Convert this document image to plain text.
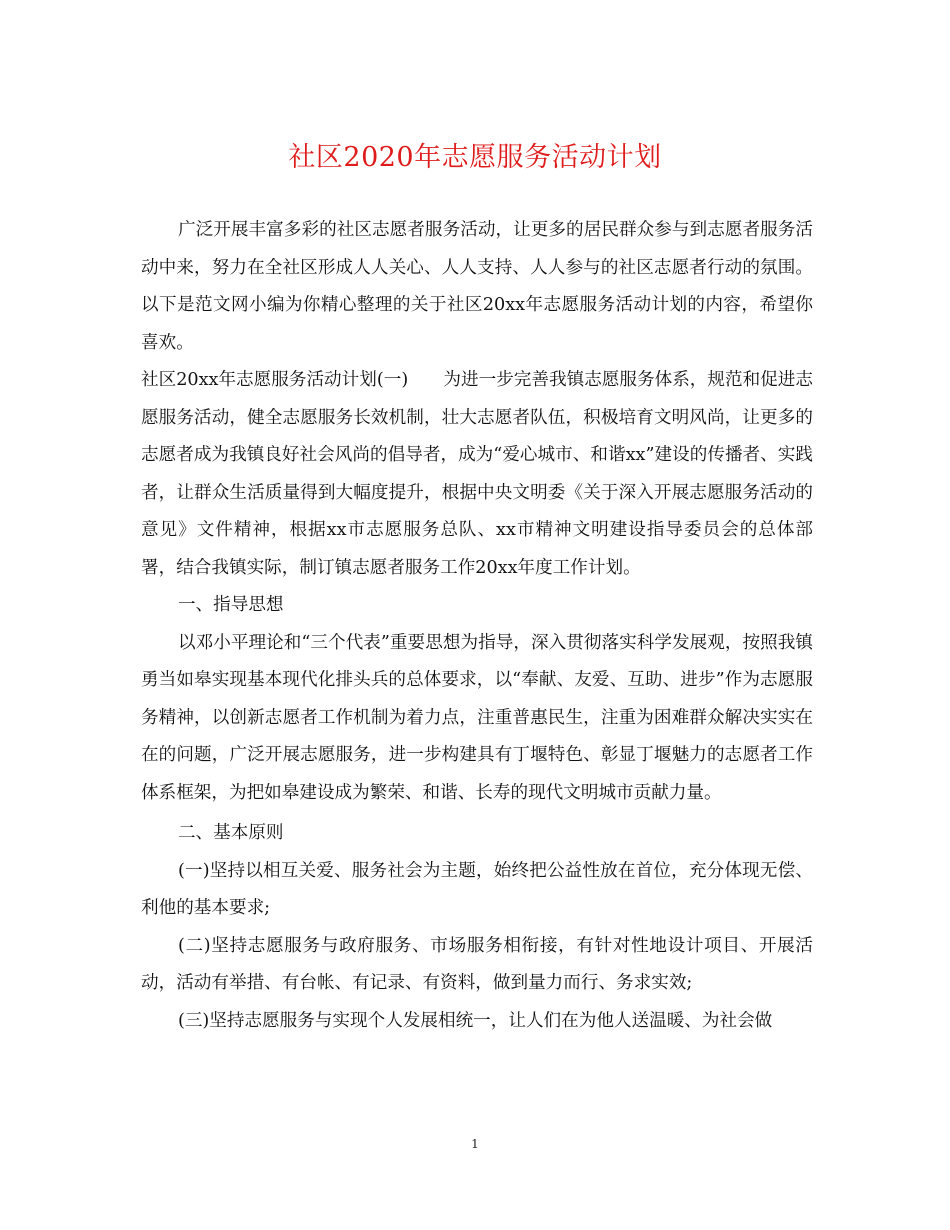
社区2020年志愿服务活动计划

广泛开展丰富多彩的社区志愿者服务活动，让更多的居民群众参与到志愿者服务活动中来，努力在全社区形成人人关心、人人支持、人人参与的社区志愿者行动的氛围。以下是范文网小编为你精心整理的关于社区20xx年志愿服务活动计划的内容，希望你喜欢。

社区20xx年志愿服务活动计划(一)　　为进一步完善我镇志愿服务体系，规范和促进志愿服务活动，健全志愿服务长效机制，壮大志愿者队伍，积极培育文明风尚，让更多的志愿者成为我镇良好社会风尚的倡导者，成为“爱心城市、和谐xx”建设的传播者、实践者，让群众生活质量得到大幅度提升，根据中央文明委《关于深入开展志愿服务活动的意见》文件精神，根据xx市志愿服务总队、xx市精神文明建设指导委员会的总体部署，结合我镇实际，制订镇志愿者服务工作20xx年度工作计划。

一、指导思想

以邓小平理论和“三个代表”重要思想为指导，深入贯彻落实科学发展观，按照我镇勇当如皋实现基本现代化排头兵的总体要求，以“奉献、友爱、互助、进步”作为志愿服务精神，以创新志愿者工作机制为着力点，注重普惠民生，注重为困难群众解决实实在在的问题，广泛开展志愿服务，进一步构建具有丁堰特色、彰显丁堰魅力的志愿者工作体系框架，为把如皋建设成为繁荣、和谐、长寿的现代文明城市贡献力量。

二、基本原则

(一)坚持以相互关爱、服务社会为主题，始终把公益性放在首位，充分体现无偿、利他的基本要求;

(二)坚持志愿服务与政府服务、市场服务相衔接，有针对性地设计项目、开展活动，活动有举措、有台帐、有记录、有资料，做到量力而行、务求实效;

(三)坚持志愿服务与实现个人发展相统一，让人们在为他人送温暖、为社会做

1
